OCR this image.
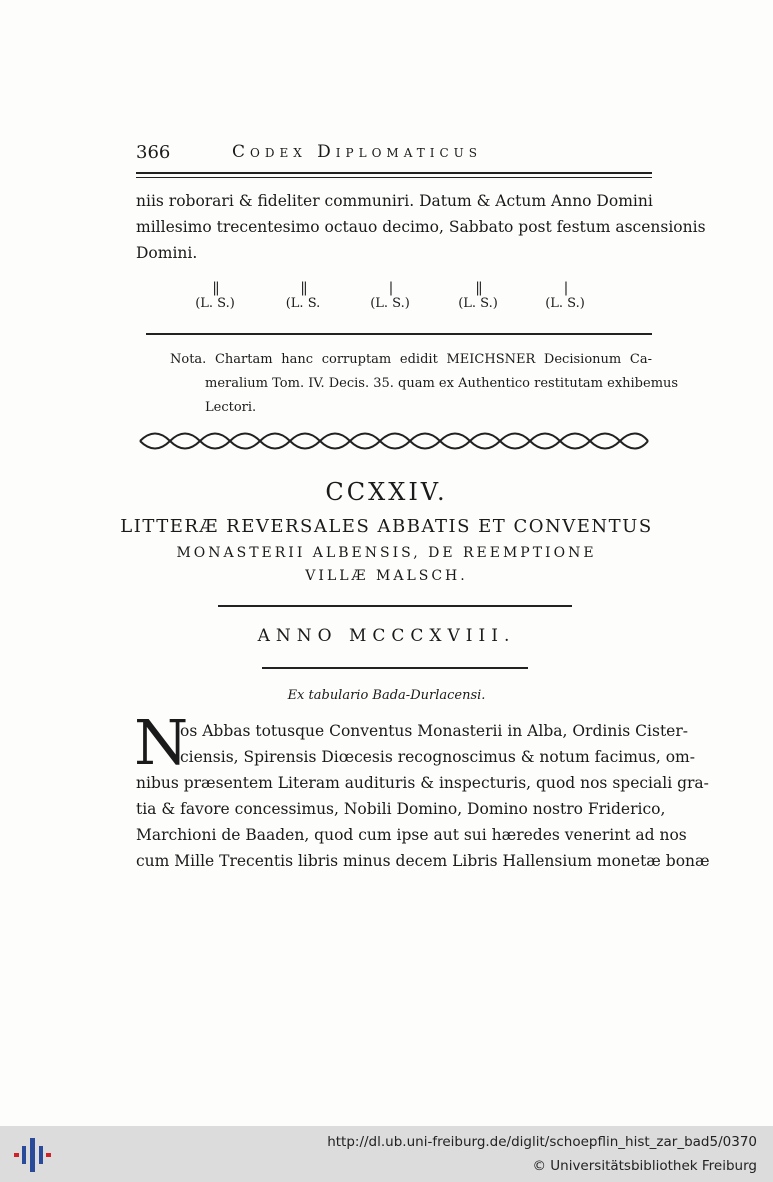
366	Codex Diplomaticus
niis roborari & fideliter communiri. Datum & Actum Anno Domini
millesimo trecentesimo octauo decimo, Sabbato post festum ascensionis
Domini.
||
(L. S.)
||
(L. S.
|
(L. S.)
||
(L. S.)
|
(L. S.)
Nota. Chartam hanc corruptam edidit MEICHSNER Decisionum Ca-
meralium Tom. IV. Decis. 35. quam ex Authentico restitutam exhibemus
Lectori.
CCXXIV.
LITTERÆ REVERSALES ABBATIS ET CONVENTUS
MONASTERII ALBENSIS, DE REEMPTIONE
VILLÆ MALSCH.
ANNO MCCCXVIII.
Ex tabulario Bada-Durlacensi.
N
os Abbas totusque Conventus Monasterii in Alba, Ordinis Cister-
ciensis, Spirensis Diœcesis recognoscimus & notum facimus, om-
nibus præsentem Literam audituris & inspecturis, quod nos speciali gra-
tia & favore concessimus, Nobili Domino, Domino nostro Friderico,
Marchioni de Baaden, quod cum ipse aut sui hæredes venerint ad nos
cum Mille Trecentis libris minus decem Libris Hallensium monetæ bonæ
http://dl.ub.uni-freiburg.de/diglit/schoepflin_hist_zar_bad5/0370
© Universitätsbibliothek Freiburg
